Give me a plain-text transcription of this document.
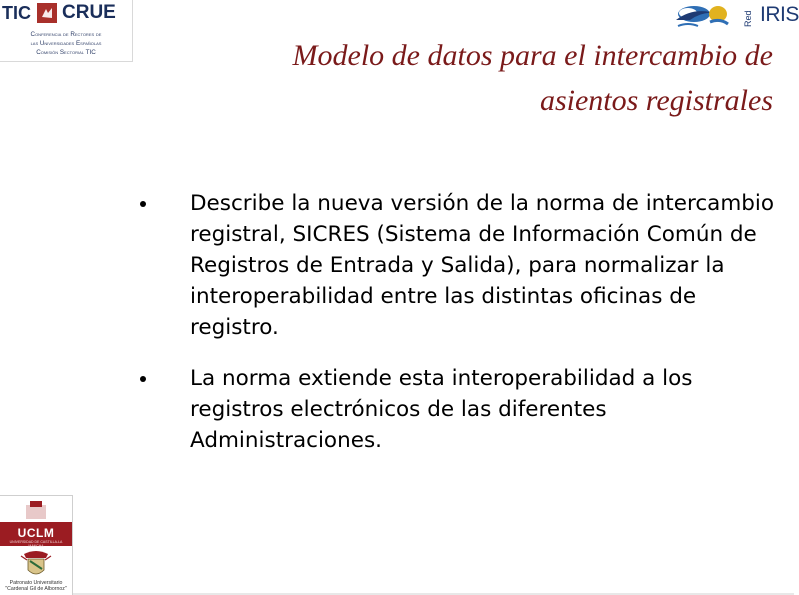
TIC CRUE
Conferencia de Rectores de
las Universidades Españolas
Comisión Sectorial TIC
Red IRIS
Modelo de datos para el intercambio de
asientos registrales
Describe la nueva versión de la norma de intercambio registral, SICRES (Sistema de Información Común de Registros de Entrada y Salida), para normalizar la interoperabilidad entre las distintas oficinas de registro.
La norma extiende esta interoperabilidad a los registros electrónicos de las diferentes Administraciones.
UCLM
UNIVERSIDAD DE CASTILLA-LA MANCHA
Patronato Universitario
"Cardenal Gil de Albornoz"
